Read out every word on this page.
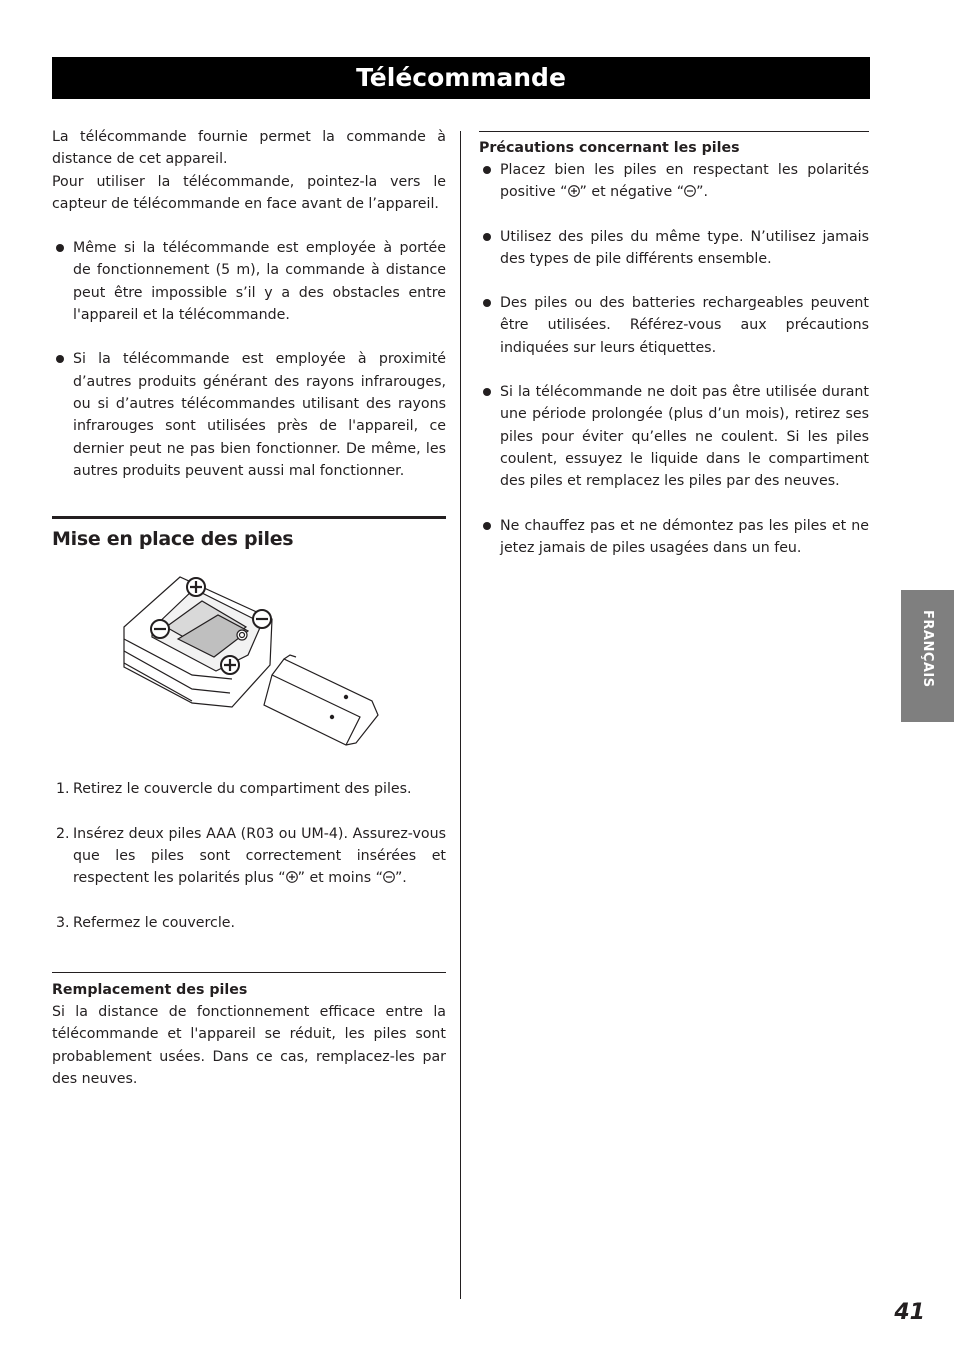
Télécommande

La télécommande fournie permet la commande à distance de cet appareil.

Pour utiliser la télécommande, pointez-la vers le capteur de télécommande en face avant de l’appareil.

Même si la télécommande est employée à portée de fonctionnement (5 m), la commande à distance peut être impossible s’il y a des obstacles entre l'appareil et la télécommande.
Si la télécommande est employée à proximité d’autres produits générant des rayons infrarouges, ou si d’autres télécommandes utilisant des rayons infrarouges sont utilisées près de l'appareil, ce dernier peut ne pas bien fonctionner. De même, les autres produits peuvent aussi mal fonctionner.
Mise en place des piles
1. Retirez le couvercle du compartiment des piles.
2. Insérez deux piles AAA (R03 ou UM-4). Assurez-vous que les piles sont correctement insérées et respectent les polarités plus “ ” et moins “ ”.
3. Refermez le couvercle.
Remplacement des piles

Si la distance de fonctionnement efficace entre la télécommande et l'appareil se réduit, les piles sont probablement usées. Dans ce cas, remplacez-les par des neuves.

Précautions concernant les piles
Placez bien les piles en respectant les polarités positive “ ” et négative “ ”.
Utilisez des piles du même type. N’utilisez jamais des types de pile différents ensemble.
Des piles ou des batteries rechargeables peuvent être utilisées. Référez-vous aux précautions indiquées sur leurs étiquettes.
Si la télécommande ne doit pas être utilisée durant une période prolongée (plus d’un mois), retirez ses piles pour éviter qu’elles ne coulent. Si les piles coulent, essuyez le liquide dans le compartiment des piles et remplacez les piles par des neuves.
Ne chauffez pas et ne démontez pas les piles et ne jetez jamais de piles usagées dans un feu.
FRANÇAIS
41
